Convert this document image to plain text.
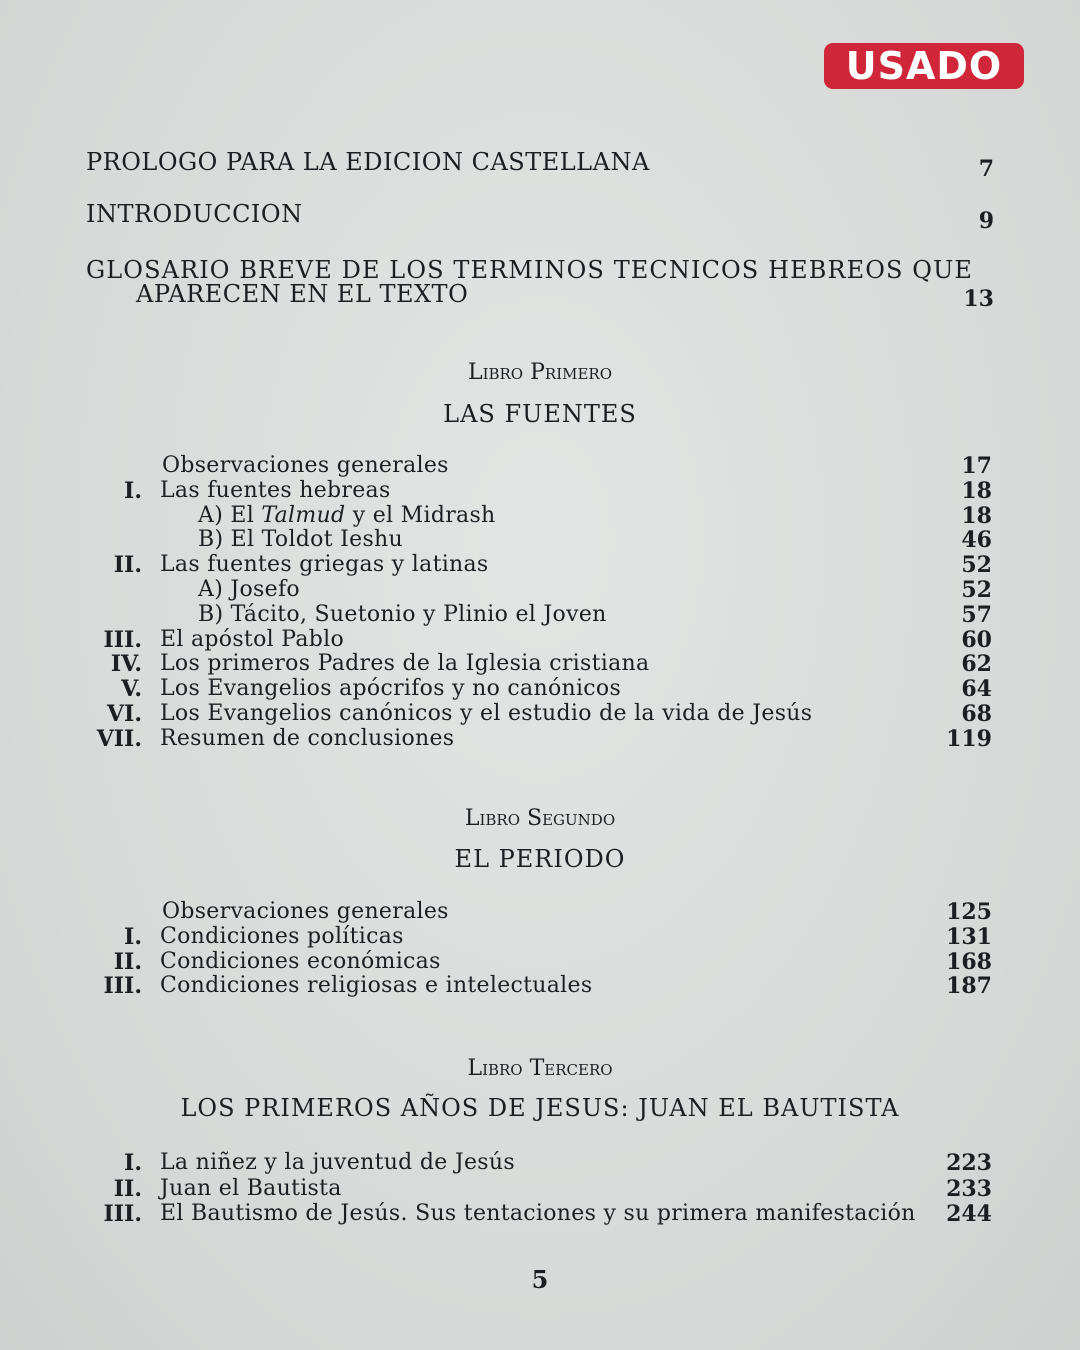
USADO
PROLOGO PARA LA EDICION CASTELLANA	7
INTRODUCCION	9
GLOSARIO BREVE DE LOS TERMINOS TECNICOS HEBREOS QUE
APARECEN EN EL TEXTO	13
Libro Primero
LAS FUENTES
Observaciones generales	17
I. Las fuentes hebreas	18
A) El Talmud y el Midrash	18
B) El Toldot Ieshu	46
II. Las fuentes griegas y latinas	52
A) Josefo	52
B) Tácito, Suetonio y Plinio el Joven	57
III. El apóstol Pablo	60
IV. Los primeros Padres de la Iglesia cristiana	62
V. Los Evangelios apócrifos y no canónicos	64
VI. Los Evangelios canónicos y el estudio de la vida de Jesús	68
VII. Resumen de conclusiones	119
Libro Segundo
EL PERIODO
Observaciones generales	125
I. Condiciones políticas	131
II. Condiciones económicas	168
III. Condiciones religiosas e intelectuales	187
Libro Tercero
LOS PRIMEROS AÑOS DE JESUS: JUAN EL BAUTISTA
I. La niñez y la juventud de Jesús	223
II. Juan el Bautista	233
III. El Bautismo de Jesús. Sus tentaciones y su primera manifestación	244
5
